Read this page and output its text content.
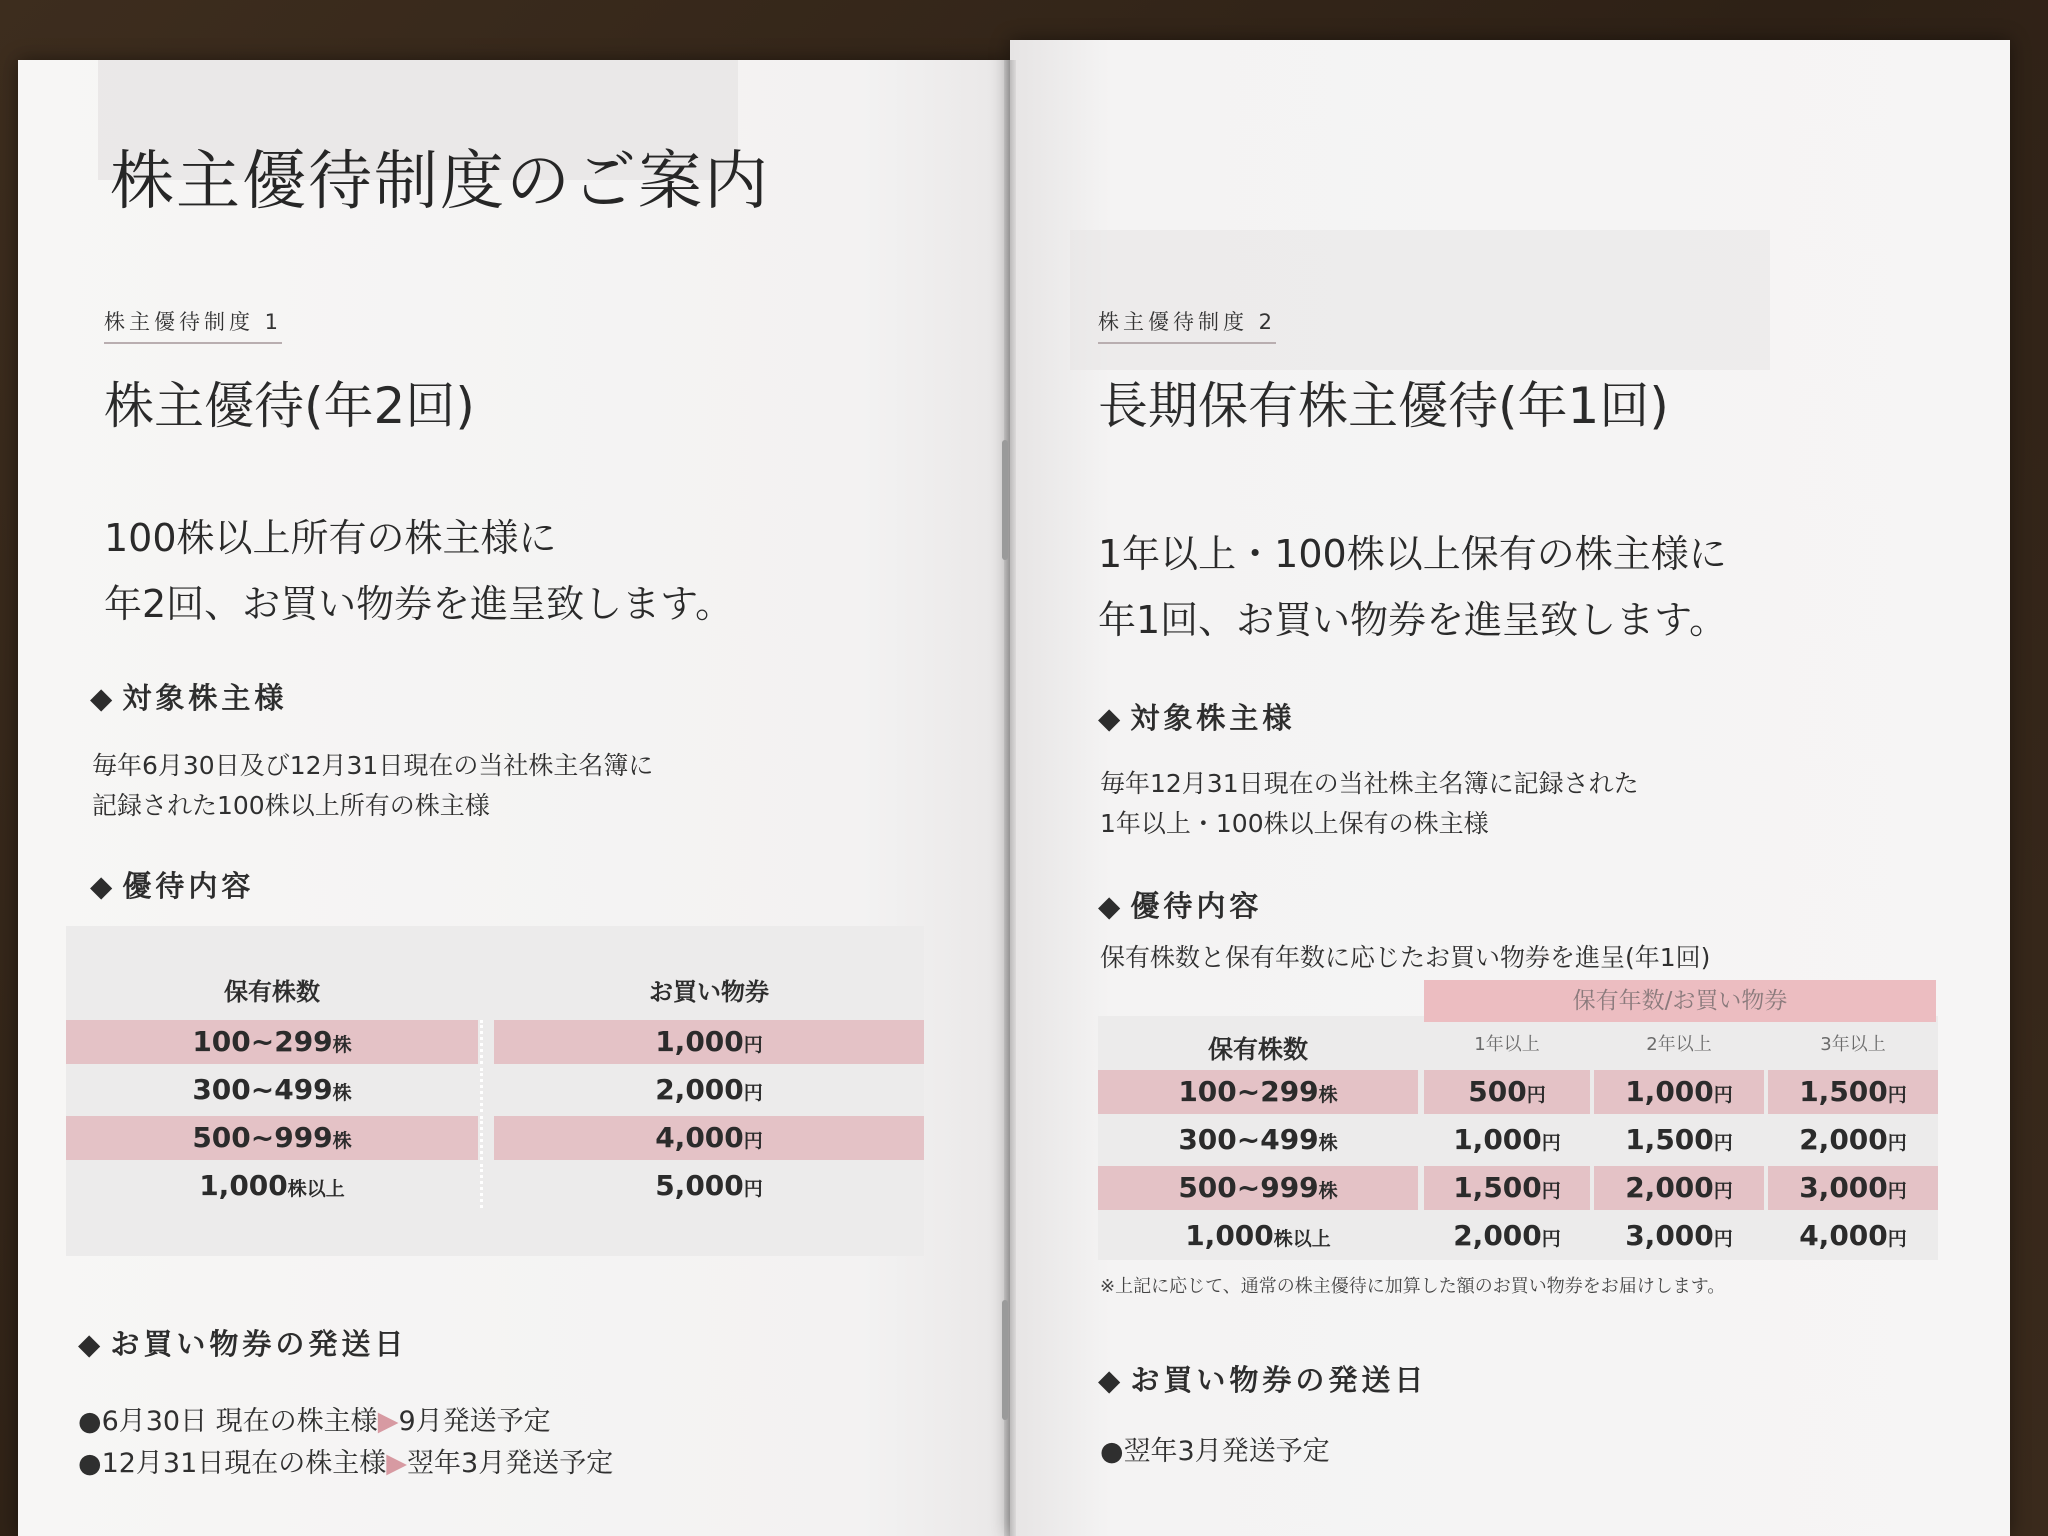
株主優待制度のご案内
株主優待制度 1
株主優待(年2回)
100株以上所有の株主様に
年2回、お買い物券を進呈致します。
◆ 対象株主様
毎年6月30日及び12月31日現在の当社株主名簿に
記録された100株以上所有の株主様
◆ 優待内容
◆ お買い物券の発送日
●6月30日 現在の株主様▶9月発送予定
●12月31日現在の株主様▶翌年3月発送予定
保有株数	お買い物券
100~299株	1,000円
300~499株	2,000円
500~999株	4,000円
1,000株以上	5,000円
株主優待制度 2
長期保有株主優待(年1回)
1年以上・100株以上保有の株主様に
年1回、お買い物券を進呈致します。
◆ 対象株主様
毎年12月31日現在の当社株主名簿に記録された
1年以上・100株以上保有の株主様
◆ 優待内容
保有株数と保有年数に応じたお買い物券を進呈(年1回)
※上記に応じて、通常の株主優待に加算した額のお買い物券をお届けします。
◆ お買い物券の発送日
●翌年3月発送予定
保有年数/お買い物券
保有株数	1年以上	2年以上	3年以上
100~299株	500円	1,000円	1,500円
300~499株	1,000円	1,500円	2,000円
500~999株	1,500円	2,000円	3,000円
1,000株以上	2,000円	3,000円	4,000円
